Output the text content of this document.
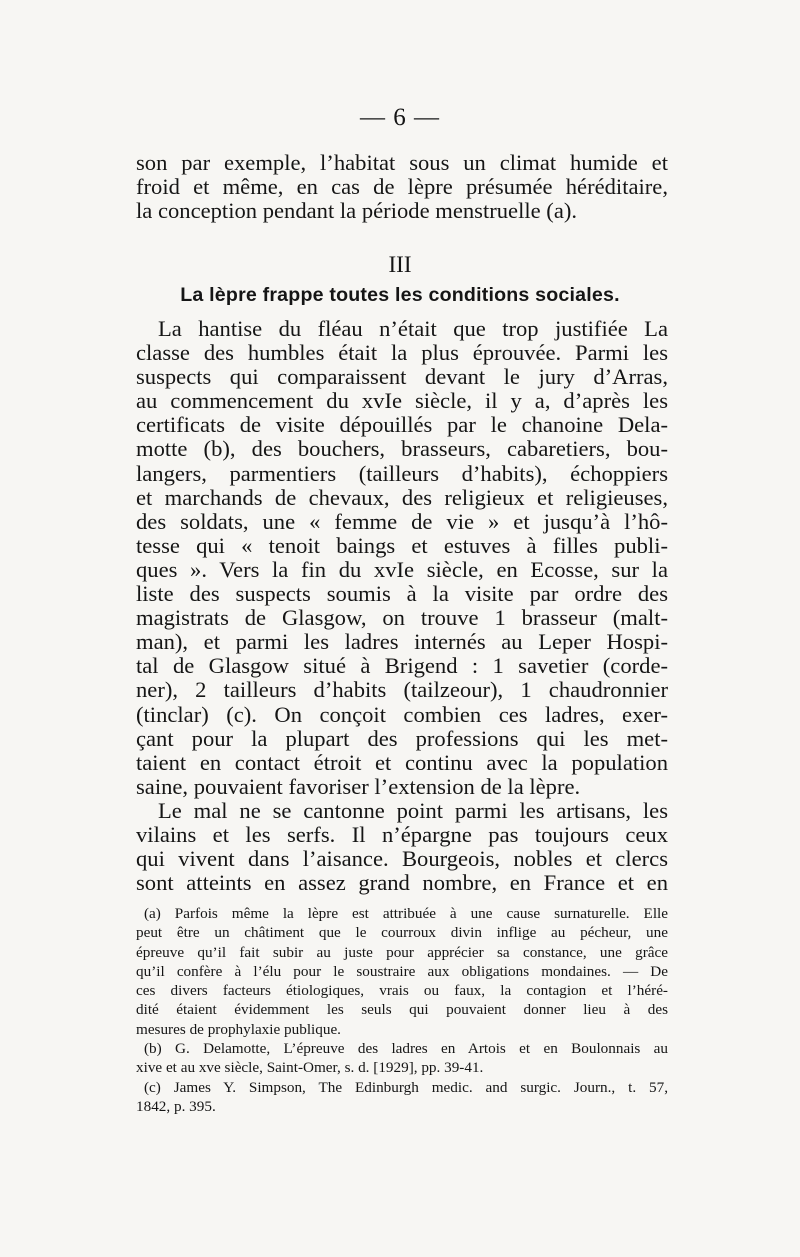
— 6 —
son par exemple, l’habitat sous un climat humide et
froid et même, en cas de lèpre présumée héréditaire,
la conception pendant la période menstruelle (a).
III
La lèpre frappe toutes les conditions sociales.
La hantise du fléau n’était que trop justifiée La
classe des humbles était la plus éprouvée. Parmi les
suspects qui comparaissent devant le jury d’Arras,
au commencement du xvIe siècle, il y a, d’après les
certificats de visite dépouillés par le chanoine Dela-
motte (b), des bouchers, brasseurs, cabaretiers, bou-
langers, parmentiers (tailleurs d’habits), échoppiers
et marchands de chevaux, des religieux et religieuses,
des soldats, une « femme de vie » et jusqu’à l’hô-
tesse qui « tenoit baings et estuves à filles publi-
ques ». Vers la fin du xvIe siècle, en Ecosse, sur la
liste des suspects soumis à la visite par ordre des
magistrats de Glasgow, on trouve 1 brasseur (malt-
man), et parmi les ladres internés au Leper Hospi-
tal de Glasgow situé à Brigend : 1 savetier (corde-
ner), 2 tailleurs d’habits (tailzeour), 1 chaudronnier
(tinclar) (c). On conçoit combien ces ladres, exer-
çant pour la plupart des professions qui les met-
taient en contact étroit et continu avec la population
saine, pouvaient favoriser l’extension de la lèpre.
Le mal ne se cantonne point parmi les artisans, les
vilains et les serfs. Il n’épargne pas toujours ceux
qui vivent dans l’aisance. Bourgeois, nobles et clercs
sont atteints en assez grand nombre, en France et en
(a) Parfois même la lèpre est attribuée à une cause surnaturelle. Elle
peut être un châtiment que le courroux divin inflige au pécheur, une
épreuve qu’il fait subir au juste pour apprécier sa constance, une grâce
qu’il confère à l’élu pour le soustraire aux obligations mondaines. — De
ces divers facteurs étiologiques, vrais ou faux, la contagion et l’héré-
dité étaient évidemment les seuls qui pouvaient donner lieu à des
mesures de prophylaxie publique.
(b) G. Delamotte, L’épreuve des ladres en Artois et en Boulonnais au
xive et au xve siècle, Saint-Omer, s. d. [1929], pp. 39-41.
(c) James Y. Simpson, The Edinburgh medic. and surgic. Journ., t. 57,
1842, p. 395.
